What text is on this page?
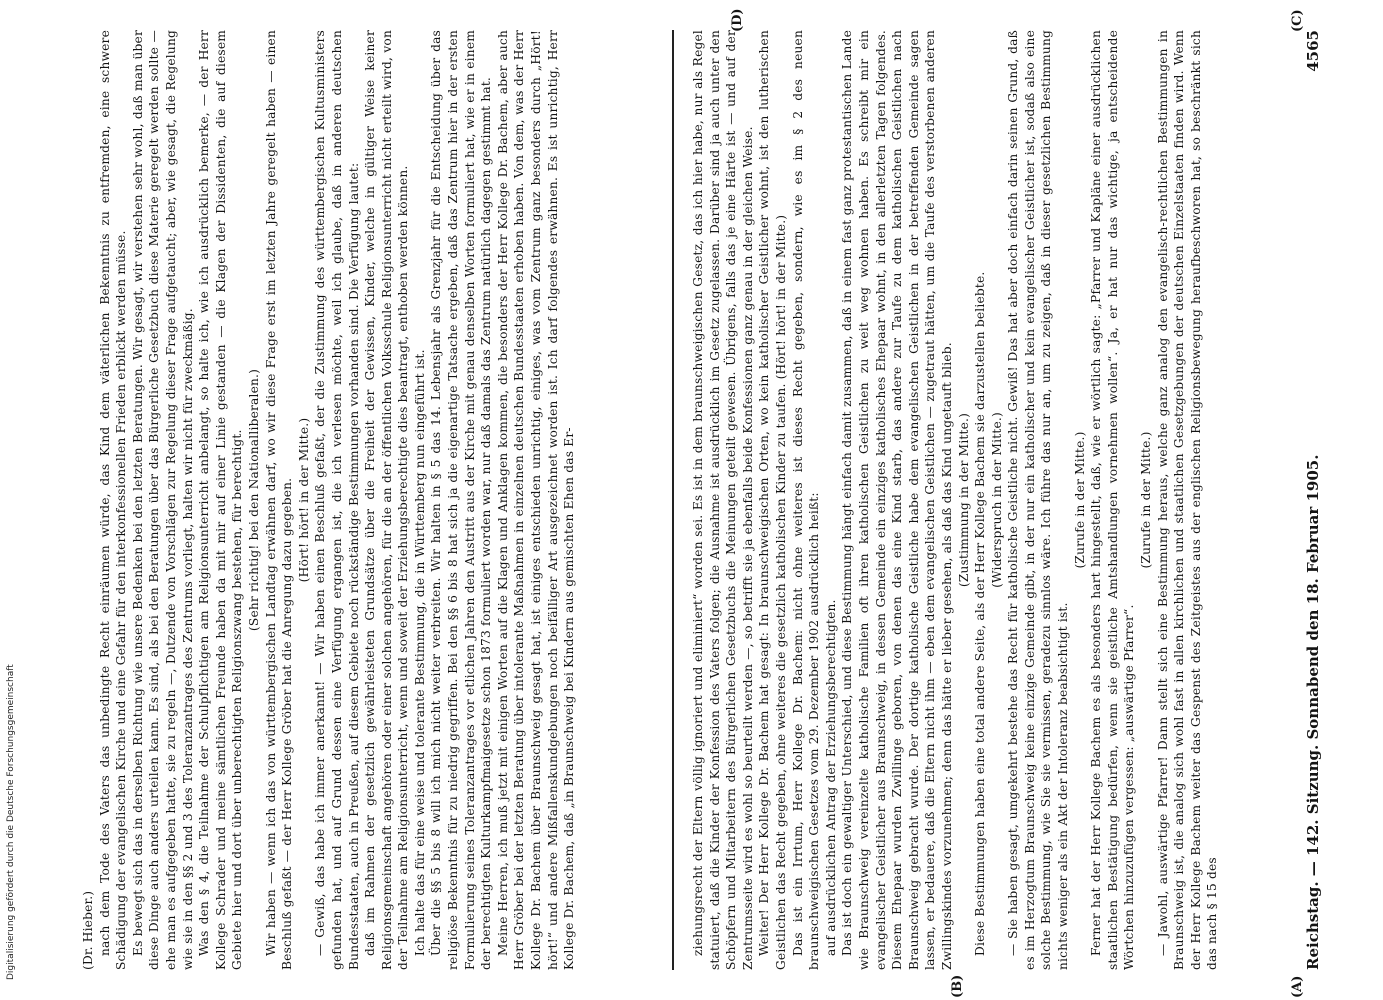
Reichstag. — 142. Sitzung. Sonnabend den 18. Februar 1905.
4565
(A)
(B)
(C)
(D)

(Dr. Hieber.) nach dem Tode des Vaters das unbedingte Recht einräumen würde, das Kind dem väterlichen Bekenntnis zu entfremden, eine schwere Schädigung der evangelischen Kirche und eine Gefahr für den interkonfessionellen Frieden erblickt werden müsse. Es bewegt sich das in derselben Richtung wie unsere Bedenken bei den letzten Beratungen. Wir gesagt, wir verstehen sehr wohl, daß man über diese Dinge auch anders urteilen kann. Es sind, als bei den Beratungen über das Bürgerliche Gesetzbuch diese Materie geregelt werden sollte — ehe man es aufgegeben hatte, sie zu regeln —, Dutzende von Vorschlägen zur Regelung dieser Frage aufgetaucht; aber, wie gesagt, die Regelung wie sie in den §§ 2 und 3 des Toleranzantrages des Zentrums vorliegt, halten wir nicht für zweckmäßig. Was den § 4, die Teilnahme der Schulpflichtigen am Religionsunterricht anbelangt, so halte ich, wie ich ausdrücklich bemerke, — der Herr Kollege Schrader und meine sämtlichen Freunde haben da mit mir auf einer Linie gestanden — die Klagen der Dissidenten, die auf diesem Gebiete hier und dort über unberechtigten Religionszwang bestehen, für berechtigt. (Sehr richtig! bei den Nationalliberalen.) Wir haben — wenn ich das von württembergischen Landtag erwähnen darf, wo wir diese Frage erst im letzten Jahre geregelt haben — einen Beschluß gefaßt — der Herr Kollege Gröber hat die Anregung dazu gegeben. (Hört! hört! in der Mitte.) — Gewiß, das habe ich immer anerkannt! — Wir haben einen Beschluß gefaßt, der die Zustimmung des württembergischen Kultusministers gefunden hat, und auf Grund dessen eine Verfügung ergangen ist, die ich verlesen möchte, weil ich glaube, daß in anderen deutschen Bundesstaaten, auch in Preußen, auf diesem Gebiete noch rückständige Bestimmungen vorhanden sind. Die Verfügung lautet: daß im Rahmen der gesetzlich gewährleisteten Grundsätze über die Freiheit der Gewissen, Kinder, welche in gültiger Weise keiner Religionsgemeinschaft angehören oder einer solchen angehören, für die an der öffentlichen Volksschule Religionsunterricht nicht erteilt wird, von der Teilnahme am Religionsunterricht, wenn und soweit der Erziehungsberechtigte dies beantragt, enthoben werden können. Ich halte das für eine weise und tolerante Bestimmung, die in Württemberg nun eingeführt ist. Über die §§ 5 bis 8 will ich mich nicht weiter verbreiten. Wir halten in § 5 das 14. Lebensjahr als Grenzjahr für die Entscheidung über das religiöse Bekenntnis für zu niedrig gegriffen. Bei den §§ 6 bis 8 hat sich ja die eigenartige Tatsache ergeben, daß das Zentrum hier in der ersten Formulierung seines Toleranzantrages vor etlichen Jahren den Austritt aus der Kirche mit genau denselben Worten formuliert hat, wie er in einem der berechtigten Kulturkampfmaigesetze schon 1873 formuliert worden war, nur daß damals das Zentrum natürlich dagegen gestimmt hat. Meine Herren, ich muß jetzt mit einigen Worten auf die Klagen und Anklagen kommen, die besonders der Herr Kollege Dr. Bachem, aber auch Herr Gröber bei der letzten Beratung über intolerante Maßnahmen in einzelnen deutschen Bundesstaaten erhoben haben. Von dem, was der Herr Kollege Dr. Bachem über Braunschweig gesagt hat, ist einiges entschieden unrichtig, einiges, was vom Zentrum ganz besonders durch „Hört! hört!“ und andere Mißfallenskundgebungen noch beifälliger Art ausgezeichnet worden ist. Ich darf folgendes erwähnen. Es ist unrichtig, Herr Kollege Dr. Bachem, daß „in Braunschweig bei Kindern aus gemischten Ehen das Er-	ziehungsrecht der Eltern völlig ignoriert und eliminiert“ worden sei. Es ist in dem braunschweigischen Gesetz, das ich hier habe, nur als Regel statuiert, daß die Kinder der Konfession des Vaters folgen; die Ausnahme ist ausdrücklich im Gesetz zugelassen. Darüber sind ja auch unter den Schöpfern und Mitarbeitern des Bürgerlichen Gesetzbuchs die Meinungen geteilt gewesen. Übrigens, falls das je eine Härte ist — und auf der Zentrumsseite wird es wohl so beurteilt werden —, so betrifft sie ja ebenfalls beide Konfessionen ganz genau in der gleichen Weise. Weiter! Der Herr Kollege Dr. Bachem hat gesagt: In braunschweigischen Orten, wo kein katholischer Geistlicher wohnt, ist den lutherischen Geistlichen das Recht gegeben, ohne weiteres die gesetzlich katholischen Kinder zu taufen. (Hört! hört! in der Mitte.) Das ist ein Irrtum, Herr Kollege Dr. Bachem: nicht ohne weiteres ist dieses Recht gegeben, sondern, wie es im § 2 des neuen braunschweigischen Gesetzes vom 29. Dezember 1902 ausdrücklich heißt: auf ausdrücklichen Antrag der Erziehungsberechtigten. Das ist doch ein gewaltiger Unterschied, und diese Bestimmung hängt einfach damit zusammen, daß in einem fast ganz protestantischen Lande wie Braunschweig vereinzelte katholische Familien oft ihren katholischen Geistlichen zu weit weg wohnen haben. Es schreibt mir ein evangelischer Geistlicher aus Braunschweig, in dessen Gemeinde ein einziges katholisches Ehepaar wohnt, in den allerletzten Tagen folgendes. Diesem Ehepaar wurden Zwillinge geboren, von denen das eine Kind starb, das andere zur Taufe zu dem katholischen Geistlichen nach Braunschweig gebracht wurde. Der dortige katholische Geistliche habe dem evangelischen Geistlichen in der betreffenden Gemeinde sagen lassen, er bedauere, daß die Eltern nicht ihm — eben dem evangelischen Geistlichen — zugetraut hätten, um die Taufe des verstorbenen anderen Zwillingskindes vorzunehmen; denn das hätte er lieber gesehen, als daß das Kind ungetauft blieb. (Zustimmung in der Mitte.) Diese Bestimmungen haben eine total andere Seite, als der Herr Kollege Bachem sie darzustellen beliebte. (Widerspruch in der Mitte.) — Sie haben gesagt, umgekehrt bestehe das Recht für katholische Geistliche nicht. Gewiß! Das hat aber doch einfach darin seinen Grund, daß es im Herzogtum Braunschweig keine einzige Gemeinde gibt, in der nur ein katholischer und kein evangelischer Geistlicher ist, sodaß also eine solche Bestimmung, wie Sie sie vermissen, geradezu sinnlos wäre. Ich führe das nur an, um zu zeigen, daß in dieser gesetzlichen Bestimmung nichts weniger als ein Akt der Intoleranz beabsichtigt ist.

(Zurufe in der Mitte.) Ferner hat der Herr Kollege Bachem es als besonders hart hingestellt, daß, wie er wörtlich sagte: „Pfarrer und Kapläne einer ausdrücklichen staatlichen Bestätigung bedürfen, wenn sie geistliche Amtshandlungen vornehmen wollen“. Ja, er hat nur das wichtige, ja entscheidende Wörtchen hinzuzufügen vergessen: „auswärtige Pfarrer“.

(Zurufe in der Mitte.) — Jawohl, auswärtige Pfarrer! Dann stellt sich eine Bestimmung heraus, welche ganz analog den evangelisch-rechtlichen Bestimmungen in Braunschweig ist, die analog sich wohl fast in allen kirchlichen und staatlichen Gesetzgebungen der deutschen Einzelstaaten finden wird. Wenn der Herr Kollege Bachem weiter das Gespenst des Zeitgeistes aus der englischen Religionsbewegung heraufbeschworen hat, so beschränkt sich das nach § 15 des

Digitalisierung gefördert durch die Deutsche Forschungsgemeinschaft
